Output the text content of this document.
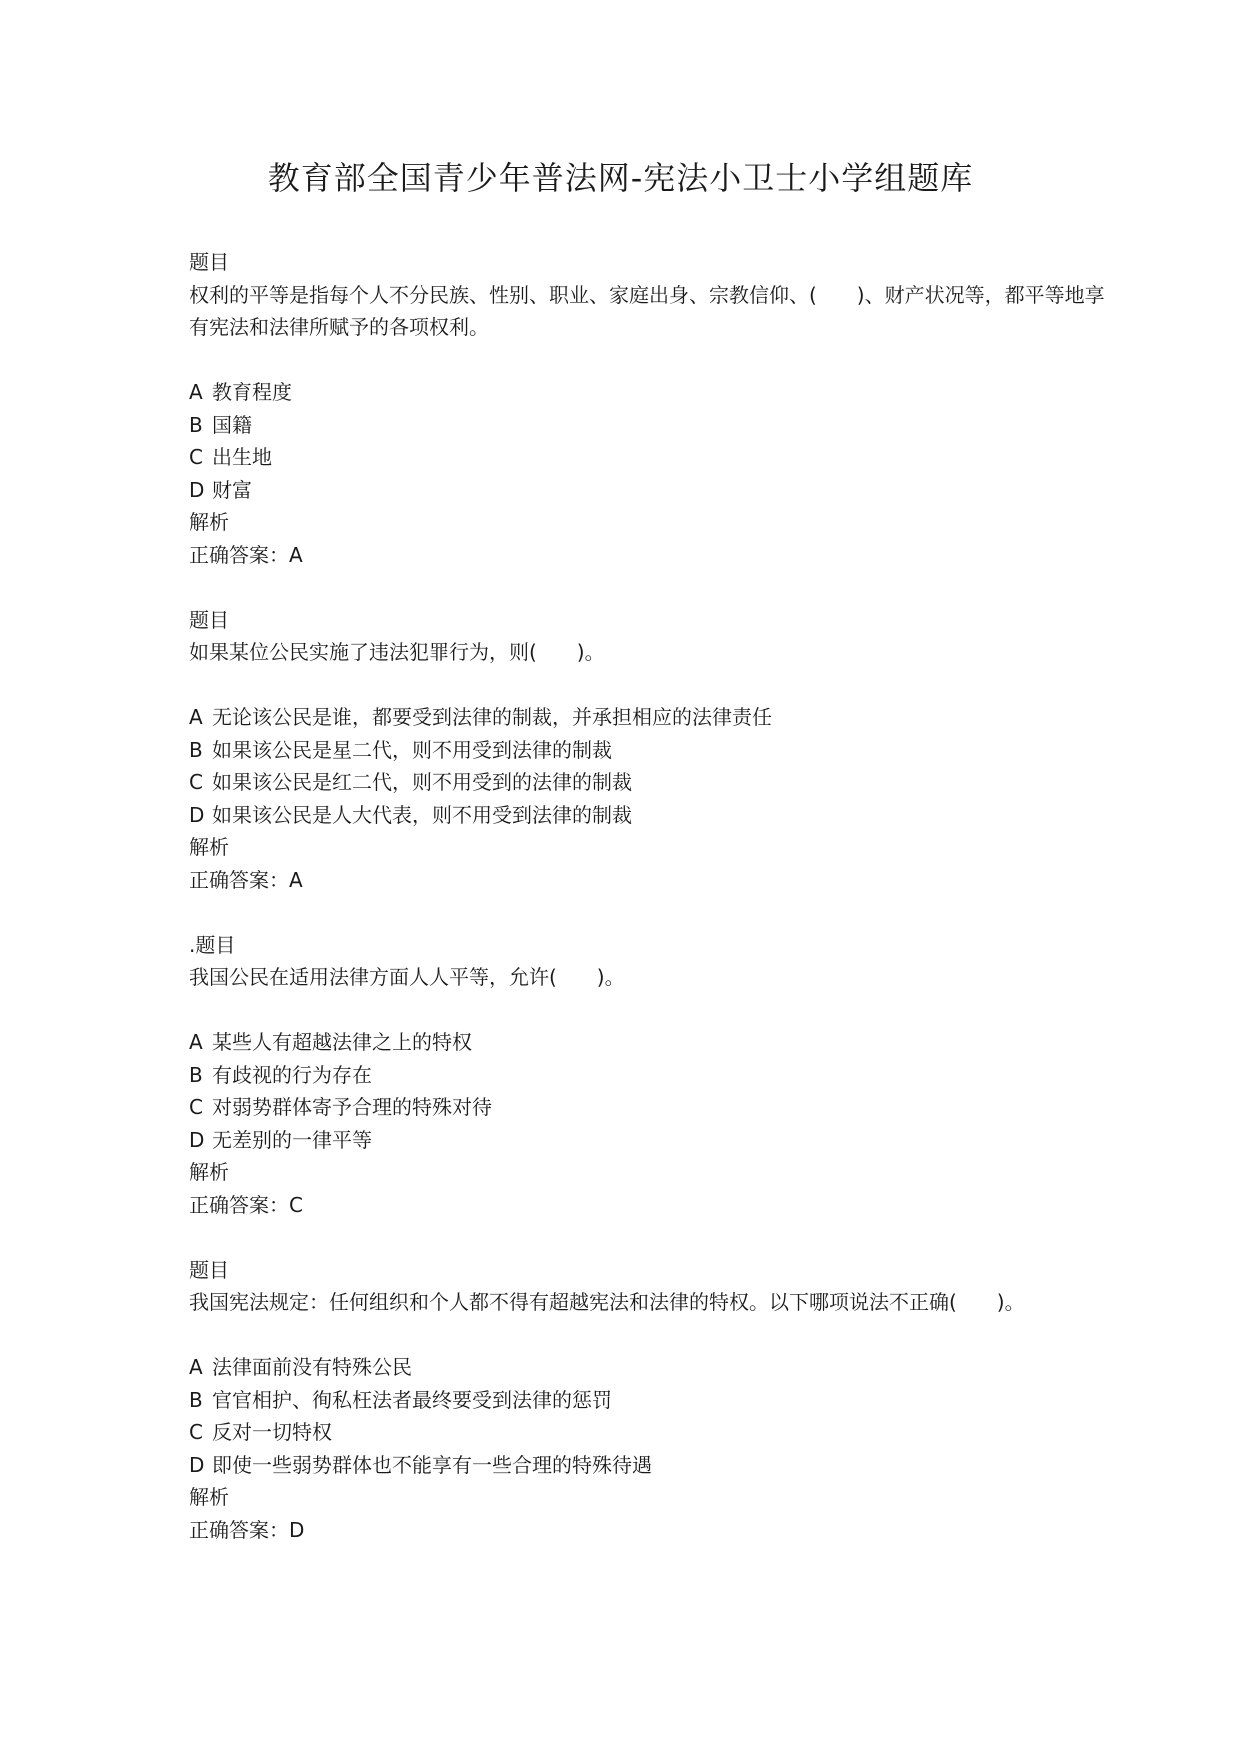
教育部全国青少年普法网-宪法小卫士小学组题库
题目
权利的平等是指每个人不分民族、性别、职业、家庭出身、宗教信仰、(　　)、财产状况等，都平等地享有宪法和法律所赋予的各项权利。
A 教育程度
B 国籍
C 出生地
D 财富
解析
正确答案：A
题目
如果某位公民实施了违法犯罪行为，则(　　)。
A 无论该公民是谁，都要受到法律的制裁，并承担相应的法律责任
B 如果该公民是星二代，则不用受到法律的制裁
C 如果该公民是红二代，则不用受到的法律的制裁
D 如果该公民是人大代表，则不用受到法律的制裁
解析
正确答案：A
.题目
我国公民在适用法律方面人人平等，允许(　　)。
A 某些人有超越法律之上的特权
B 有歧视的行为存在
C 对弱势群体寄予合理的特殊对待
D 无差别的一律平等
解析
正确答案：C
题目
我国宪法规定：任何组织和个人都不得有超越宪法和法律的特权。以下哪项说法不正确(　　)。
A 法律面前没有特殊公民
B 官官相护、徇私枉法者最终要受到法律的惩罚
C 反对一切特权
D 即使一些弱势群体也不能享有一些合理的特殊待遇
解析
正确答案：D
